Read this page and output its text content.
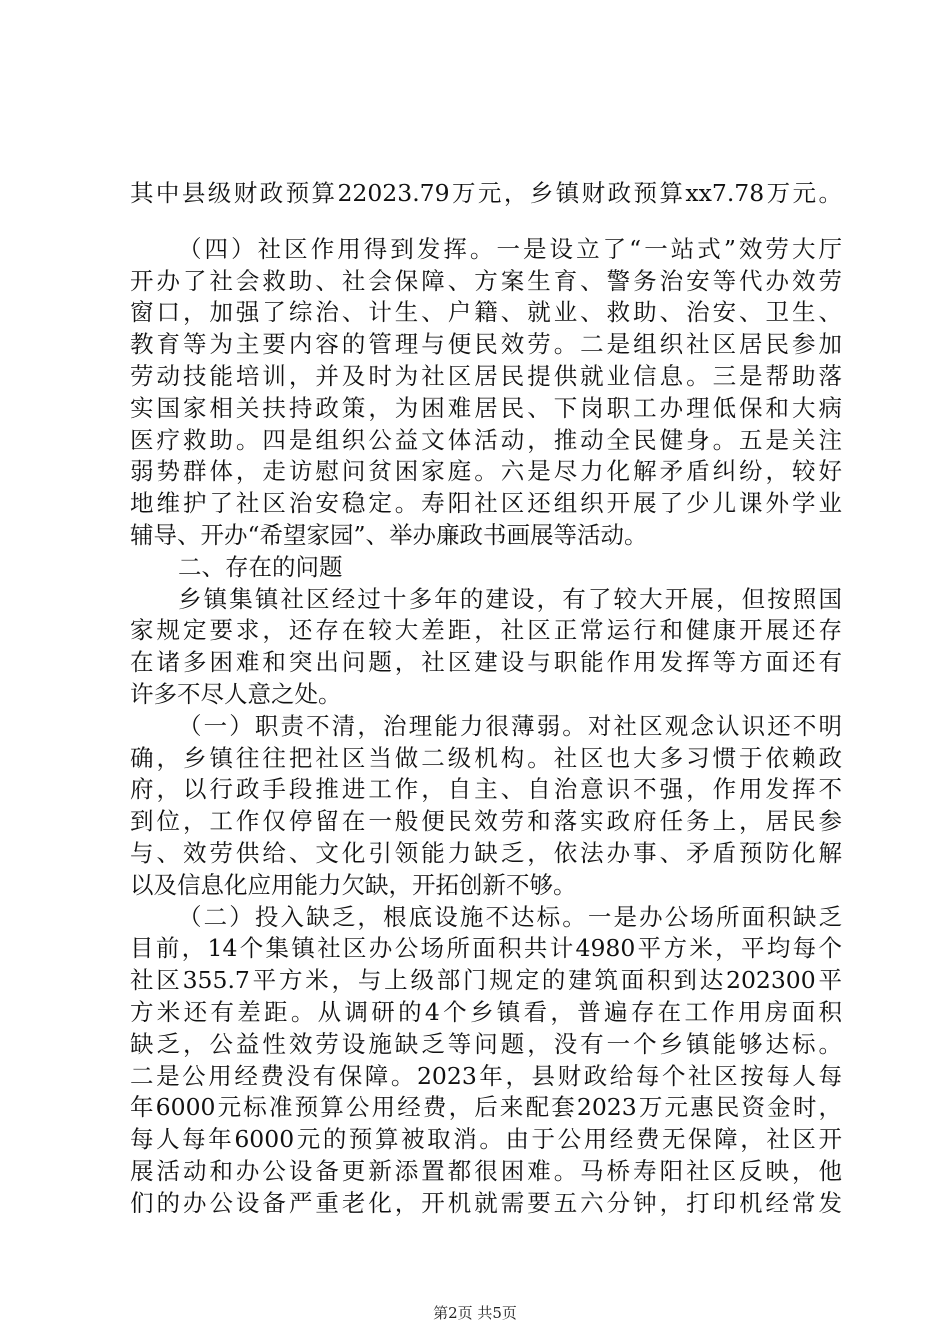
其中县级财政预算22023.79万元，乡镇财政预算xx7.78万元。
（四）社区作用得到发挥。一是设立了“一站式”效劳大厅
开办了社会救助、社会保障、方案生育、警务治安等代办效劳
窗口，加强了综治、计生、户籍、就业、救助、治安、卫生、
教育等为主要内容的管理与便民效劳。二是组织社区居民参加
劳动技能培训，并及时为社区居民提供就业信息。三是帮助落
实国家相关扶持政策，为困难居民、下岗职工办理低保和大病
医疗救助。四是组织公益文体活动，推动全民健身。五是关注
弱势群体，走访慰问贫困家庭。六是尽力化解矛盾纠纷，较好
地维护了社区治安稳定。寿阳社区还组织开展了少儿课外学业
辅导、开办“希望家园”、举办廉政书画展等活动。
二、存在的问题
乡镇集镇社区经过十多年的建设，有了较大开展，但按照国
家规定要求，还存在较大差距，社区正常运行和健康开展还存
在诸多困难和突出问题，社区建设与职能作用发挥等方面还有
许多不尽人意之处。
（一）职责不清，治理能力很薄弱。对社区观念认识还不明
确，乡镇往往把社区当做二级机构。社区也大多习惯于依赖政
府，以行政手段推进工作，自主、自治意识不强，作用发挥不
到位，工作仅停留在一般便民效劳和落实政府任务上，居民参
与、效劳供给、文化引领能力缺乏，依法办事、矛盾预防化解
以及信息化应用能力欠缺，开拓创新不够。
（二）投入缺乏，根底设施不达标。一是办公场所面积缺乏
目前，14个集镇社区办公场所面积共计4980平方米，平均每个
社区355.7平方米，与上级部门规定的建筑面积到达202300平
方米还有差距。从调研的4个乡镇看，普遍存在工作用房面积
缺乏，公益性效劳设施缺乏等问题，没有一个乡镇能够达标。
二是公用经费没有保障。2023年，县财政给每个社区按每人每
年6000元标准预算公用经费，后来配套2023万元惠民资金时，
每人每年6000元的预算被取消。由于公用经费无保障，社区开
展活动和办公设备更新添置都很困难。马桥寿阳社区反映，他
们的办公设备严重老化，开机就需要五六分钟，打印机经常发
第2页 共5页
